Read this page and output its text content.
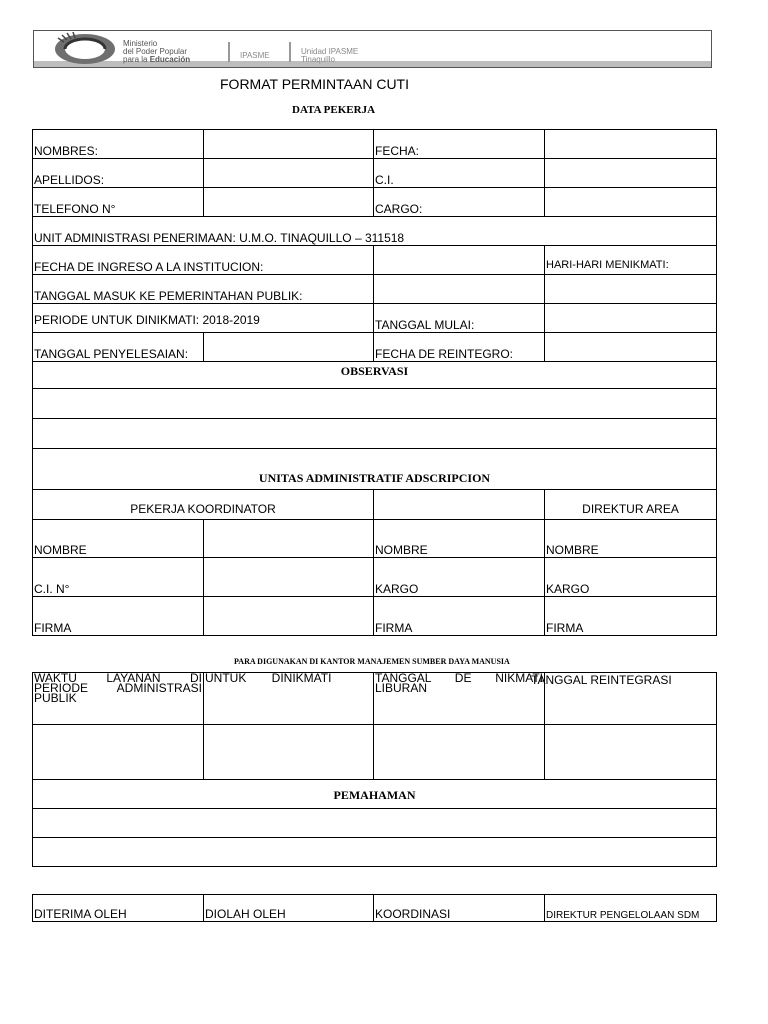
Ministerio
del Poder Popular
para la Educación	IPASME	Unidad IPASME
Tinaquillo
FORMAT PERMINTAAN CUTI
DATA PEKERJA
NOMBRES:		FECHA:	
APELLIDOS:		C.I.	
TELEFONO N°		CARGO:	
UNIT ADMINISTRASI PENERIMAAN: U.M.O. TINAQUILLO – 311518			
FECHA DE INGRESO A LA INSTITUCION:			HARI-HARI MENIKMATI:
TANGGAL MASUK KE PEMERINTAHAN PUBLIK:			
PERIODE UNTUK DINIKMATI: 2018-2019		TANGGAL MULAI:	
TANGGAL PENYELESAIAN:		FECHA DE REINTEGRO:	
OBSERVASI			

UNITAS ADMINISTRATIF ADSCRIPCION			
PEKERJA KOORDINATOR			DIREKTUR AREA
NOMBRE		NOMBRE	NOMBRE
C.I. N°		KARGO	KARGO
FIRMA		FIRMA	FIRMA
PARA DIGUNAKAN DI KANTOR MANAJEMEN SUMBER DAYA MANUSIA
WAKTU LAYANAN DI PERIODE ADMINISTRASI PUBLIK	UNTUK DINIKMATI	TANGGAL DE NIKMATI LIBURAN	TANGGAL REINTEGRASI

PEMAHAMAN			

DITERIMA OLEH	DIOLAH OLEH	KOORDINASI	DIREKTUR PENGELOLAAN SDM
